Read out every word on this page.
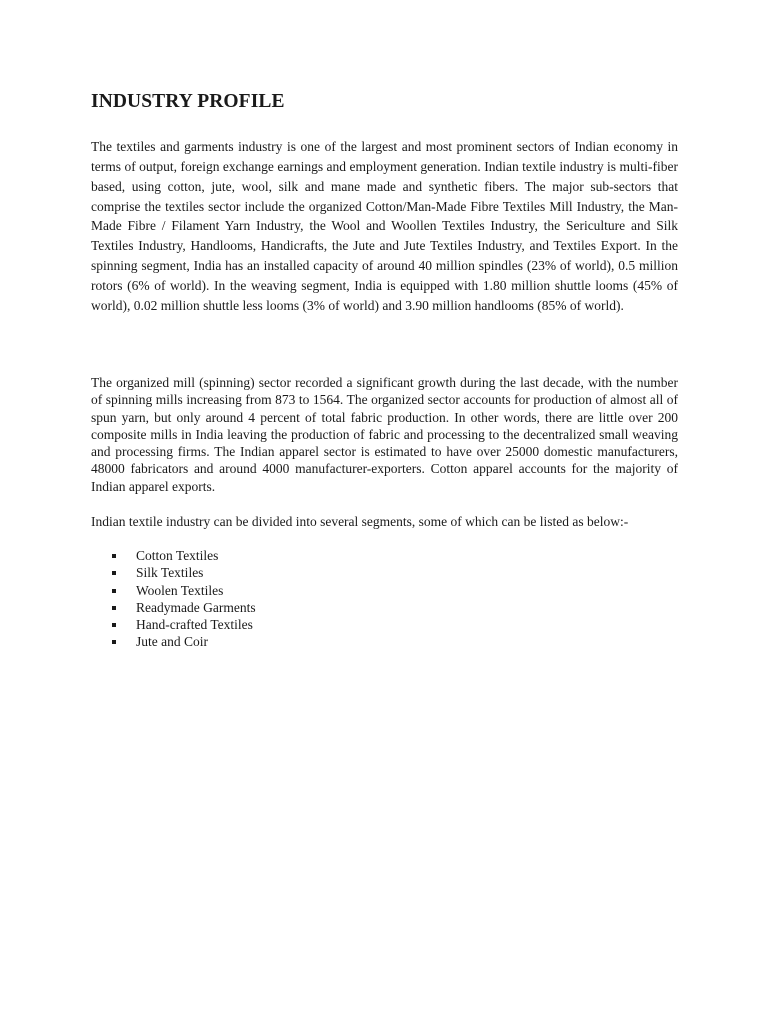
INDUSTRY PROFILE

The textiles and garments industry is one of the largest and most prominent sectors of Indian economy in terms of output, foreign exchange earnings and employment generation. Indian textile industry is multi-fiber based, using cotton, jute, wool, silk and mane made and synthetic fibers. The major sub-sectors that comprise the textiles sector include the organized Cotton/Man-Made Fibre Textiles Mill Industry, the Man-Made Fibre / Filament Yarn Industry, the Wool and Woollen Textiles Industry, the Sericulture and Silk Textiles Industry, Handlooms, Handicrafts, the Jute and Jute Textiles Industry, and Textiles Export. In the spinning segment, India has an installed capacity of around 40 million spindles (23% of world), 0.5 million rotors (6% of world). In the weaving segment, India is equipped with 1.80 million shuttle looms (45% of world), 0.02 million shuttle less looms (3% of world) and 3.90 million handlooms (85% of world).

The organized mill (spinning) sector recorded a significant growth during the last decade, with the number of spinning mills increasing from 873 to 1564. The organized sector accounts for production of almost all of spun yarn, but only around 4 percent of total fabric production. In other words, there are little over 200 composite mills in India leaving the production of fabric and processing to the decentralized small weaving and processing firms. The Indian apparel sector is estimated to have over 25000 domestic manufacturers, 48000 fabricators and around 4000 manufacturer-exporters. Cotton apparel accounts for the majority of Indian apparel exports.

Indian textile industry can be divided into several segments, some of which can be listed as below:-

Cotton Textiles
Silk Textiles
Woolen Textiles
Readymade Garments
Hand-crafted Textiles
Jute and Coir
